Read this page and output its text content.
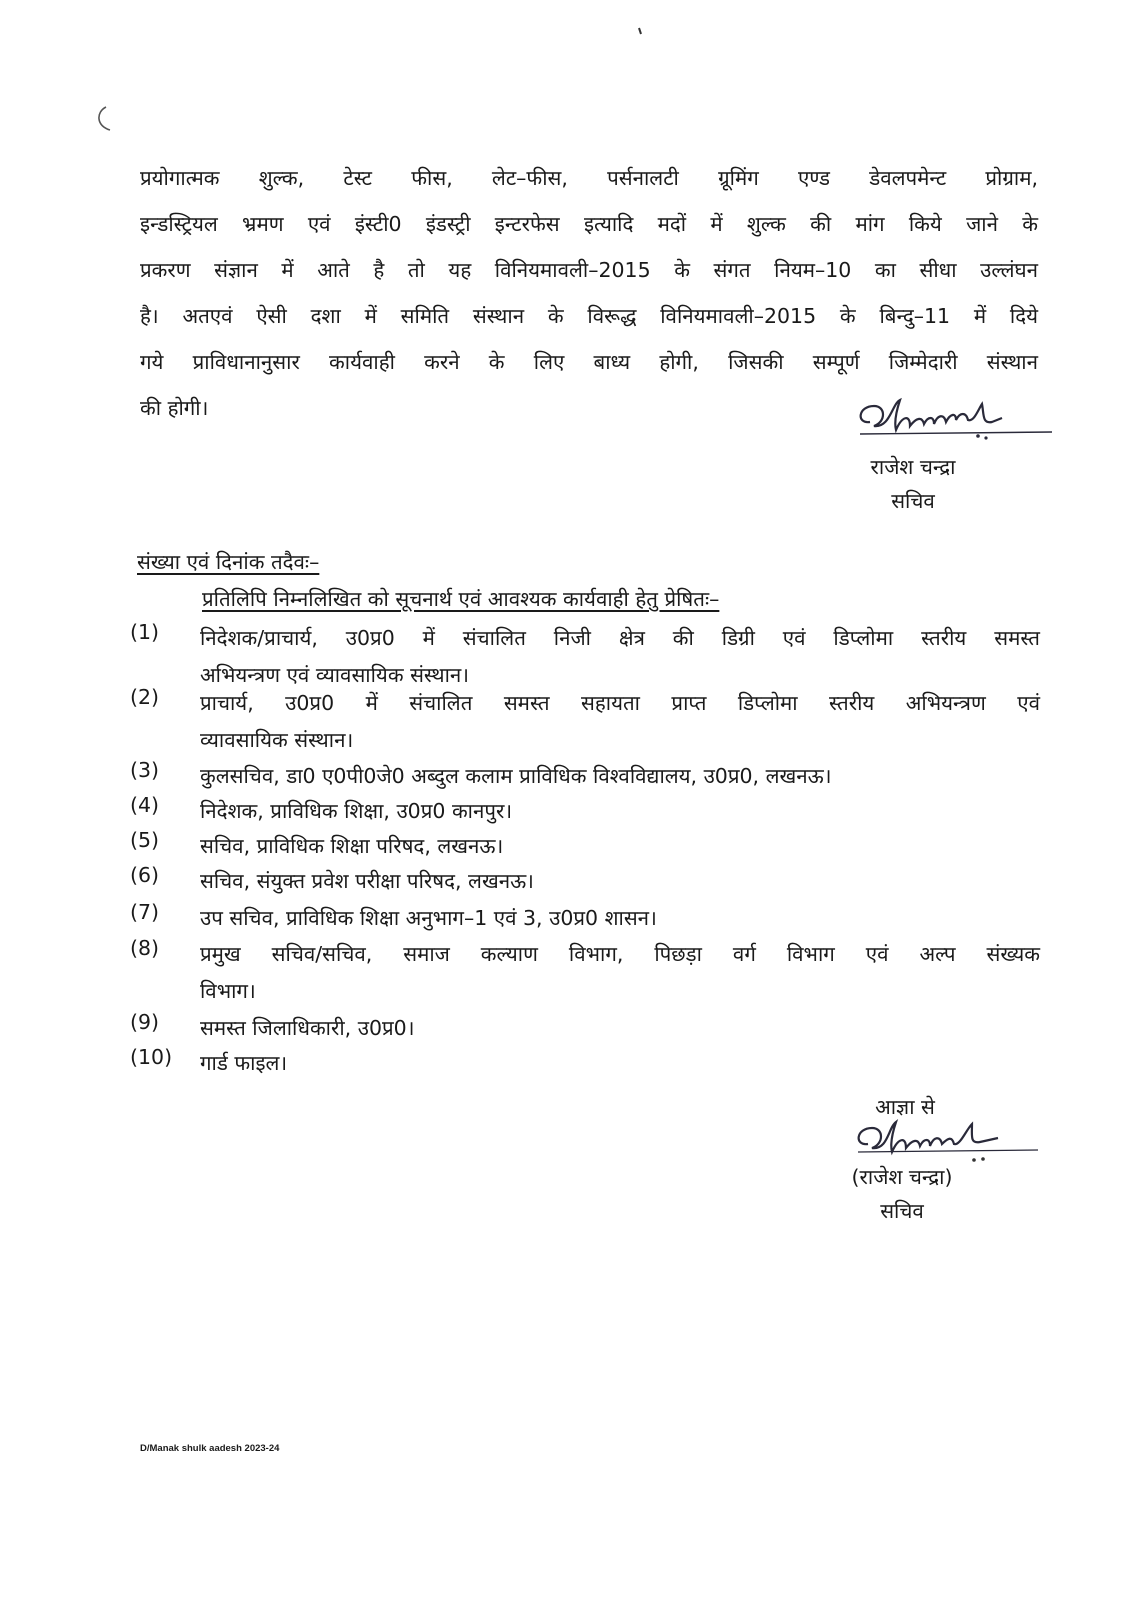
प्रयोगात्मक शुल्क, टेस्ट फीस, लेट–फीस, पर्सनालटी ग्रूमिंग एण्ड डेवलपमेन्ट प्रोग्राम,
इन्डस्ट्रियल भ्रमण एवं इंस्टी0 इंडस्ट्री इन्टरफेस इत्यादि मदों में शुल्क की मांग किये जाने के
प्रकरण संज्ञान में आते है तो यह विनियमावली–2015 के संगत नियम–10 का सीधा उल्लंघन
है। अतएवं ऐसी दशा में समिति संस्थान के विरूद्ध विनियमावली–2015 के बिन्दु–11 में दिये
गये प्राविधानानुसार कार्यवाही करने के लिए बाध्य होगी, जिसकी सम्पूर्ण जिम्मेदारी संस्थान
की होगी।
राजेश चन्द्रा
सचिव
संख्या एवं दिनांक तदैवः–
प्रतिलिपि निम्नलिखित को सूचनार्थ एवं आवश्यक कार्यवाही हेतु प्रेषितः–
(1)	निदेशक/प्राचार्य, उ0प्र0 में संचालित निजी क्षेत्र की डिग्री एवं डिप्लोमा स्तरीय समस्त
अभियन्त्रण एवं व्यावसायिक संस्थान।
(2)	प्राचार्य, उ0प्र0 में संचालित समस्त सहायता प्राप्त डिप्लोमा स्तरीय अभियन्त्रण एवं
व्यावसायिक संस्थान।
(3)	कुलसचिव, डा0 ए0पी0जे0 अब्दुल कलाम प्राविधिक विश्वविद्यालय, उ0प्र0, लखनऊ।
(4)	निदेशक, प्राविधिक शिक्षा, उ0प्र0 कानपुर।
(5)	सचिव, प्राविधिक शिक्षा परिषद, लखनऊ।
(6)	सचिव, संयुक्त प्रवेश परीक्षा परिषद, लखनऊ।
(7)	उप सचिव, प्राविधिक शिक्षा अनुभाग–1 एवं 3, उ0प्र0 शासन।
(8)	प्रमुख सचिव/सचिव, समाज कल्याण विभाग, पिछड़ा वर्ग विभाग एवं अल्प संख्यक
विभाग।
(9)	समस्त जिलाधिकारी, उ0प्र0।
(10)	गार्ड फाइल।
आज्ञा से
(राजेश चन्द्रा)
सचिव
D/Manak shulk aadesh 2023-24
